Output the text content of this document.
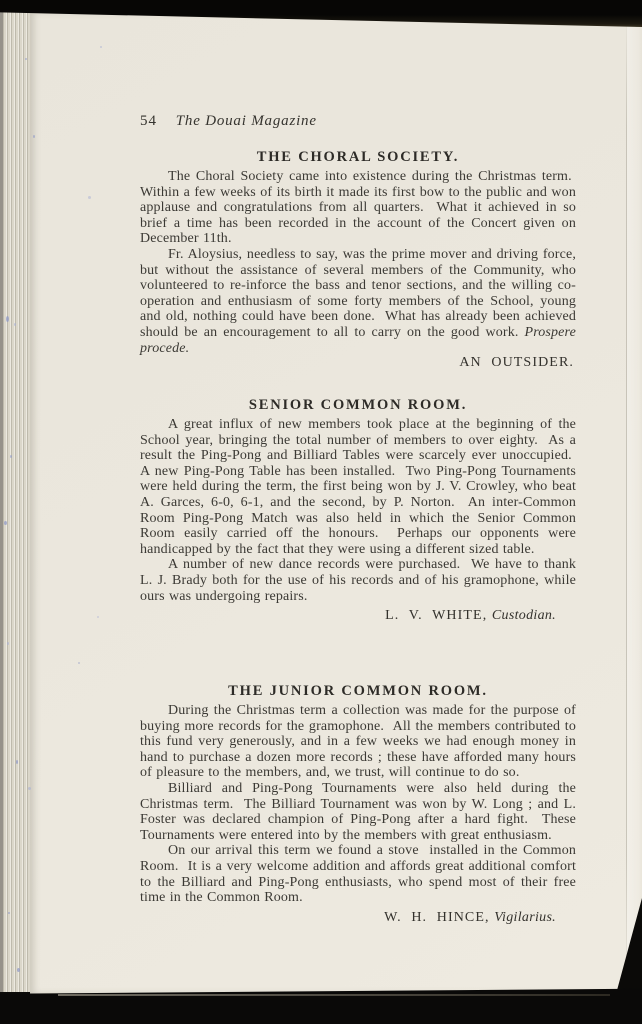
54 The Douai Magazine
THE CHORAL SOCIETY.

The Choral Society came into existence during the Christmas term.  Within a few weeks of its birth it made its first bow to the public and won applause and congratulations from all quarters.  What it achieved in so brief a time has been recorded in the account of the Concert given on December 11th.

Fr. Aloysius, needless to say, was the prime mover and driving force, but without the assistance of several members of the Community, who volunteered to re-inforce the bass and tenor sections, and the willing co-operation and enthusiasm of some forty members of the School, young and old, nothing could have been done.  What has already been achieved should be an encouragement to all to carry on the good work. Prospere procede.

AN OUTSIDER.
SENIOR COMMON ROOM.

A great influx of new members took place at the beginning of the School year, bringing the total number of members to over eighty.  As a result the Ping-Pong and Billiard Tables were scarcely ever unoccupied.  A new Ping-Pong Table has been installed.  Two Ping-Pong Tournaments were held during the term, the first being won by J. V. Crowley, who beat A. Garces, 6-0, 6-1, and the second, by P. Norton.  An inter-Common Room Ping-Pong Match was also held in which the Senior Common Room easily carried off the honours.  Perhaps our opponents were handicapped by the fact that they were using a different sized table.

A number of new dance records were purchased.  We have to thank L. J. Brady both for the use of his records and of his gramophone, while ours was undergoing repairs.

L. V. WHITE, Custodian.
THE JUNIOR COMMON ROOM.

During the Christmas term a collection was made for the purpose of buying more records for the gramophone.  All the members contributed to this fund very generously, and in a few weeks we had enough money in hand to purchase a dozen more records ; these have afforded many hours of pleasure to the members, and, we trust, will continue to do so.

Billiard and Ping-Pong Tournaments were also held during the Christmas term.  The Billiard Tournament was won by W. Long ; and L. Foster was declared champion of Ping-Pong after a hard fight.  These Tournaments were entered into by the members with great enthusiasm.

On our arrival this term we found a stove  installed in the Common Room.  It is a very welcome addition and affords great additional comfort to the Billiard and Ping-Pong enthusiasts, who spend most of their free time in the Common Room.

W. H. HINCE, Vigilarius.
